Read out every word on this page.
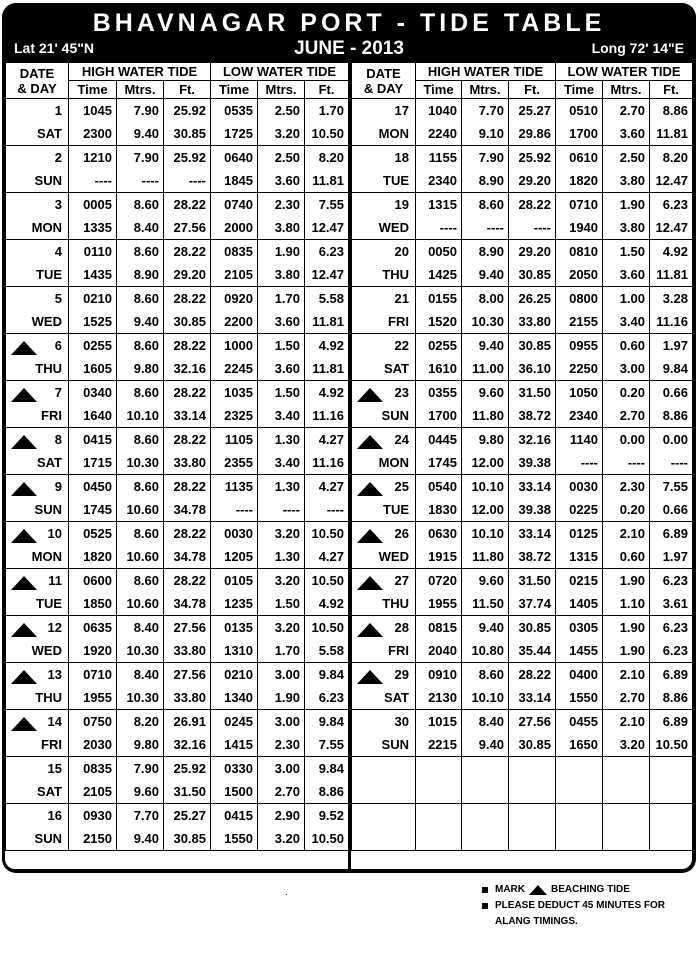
BHAVNAGAR PORT - TIDE TABLE
Lat 21' 45"N	JUNE - 2013	Long 72' 14"E
DATE
& DAY	HIGH WATER TIDE			LOW WATER TIDE		
	Time	Mtrs.	Ft.	Time	Mtrs.	Ft.
1	1045	7.90	25.92	0535	2.50	1.70
SAT	2300	9.40	30.85	1725	3.20	10.50
2	1210	7.90	25.92	0640	2.50	8.20
SUN	----	----	----	1845	3.60	11.81
3	0005	8.60	28.22	0740	2.30	7.55
MON	1335	8.40	27.56	2000	3.80	12.47
4	0110	8.60	28.22	0835	1.90	6.23
TUE	1435	8.90	29.20	2105	3.80	12.47
5	0210	8.60	28.22	0920	1.70	5.58
WED	1525	9.40	30.85	2200	3.60	11.81

6	0255	8.60	28.22	1000	1.50	4.92
THU	1605	9.80	32.16	2245	3.60	11.81

7	0340	8.60	28.22	1035	1.50	4.92
FRI	1640	10.10	33.14	2325	3.40	11.16

8	0415	8.60	28.22	1105	1.30	4.27
SAT	1715	10.30	33.80	2355	3.40	11.16

9	0450	8.60	28.22	1135	1.30	4.27
SUN	1745	10.60	34.78	----	----	----

10	0525	8.60	28.22	0030	3.20	10.50
MON	1820	10.60	34.78	1205	1.30	4.27

11	0600	8.60	28.22	0105	3.20	10.50
TUE	1850	10.60	34.78	1235	1.50	4.92

12	0635	8.40	27.56	0135	3.20	10.50
WED	1920	10.30	33.80	1310	1.70	5.58

13	0710	8.40	27.56	0210	3.00	9.84
THU	1955	10.30	33.80	1340	1.90	6.23

14	0750	8.20	26.91	0245	3.00	9.84
FRI	2030	9.80	32.16	1415	2.30	7.55
15	0835	7.90	25.92	0330	3.00	9.84
SAT	2105	9.60	31.50	1500	2.70	8.86
16	0930	7.70	25.27	0415	2.90	9.52
SUN	2150	9.40	30.85	1550	3.20	10.50
DATE
& DAY	HIGH WATER TIDE			LOW WATER TIDE		
	Time	Mtrs.	Ft.	Time	Mtrs.	Ft.
17	1040	7.70	25.27	0510	2.70	8.86
MON	2240	9.10	29.86	1700	3.60	11.81
18	1155	7.90	25.92	0610	2.50	8.20
TUE	2340	8.90	29.20	1820	3.80	12.47
19	1315	8.60	28.22	0710	1.90	6.23
WED	----	----	----	1940	3.80	12.47
20	0050	8.90	29.20	0810	1.50	4.92
THU	1425	9.40	30.85	2050	3.60	11.81
21	0155	8.00	26.25	0800	1.00	3.28
FRI	1520	10.30	33.80	2155	3.40	11.16
22	0255	9.40	30.85	0955	0.60	1.97
SAT	1610	11.00	36.10	2250	3.00	9.84

23	0355	9.60	31.50	1050	0.20	0.66
SUN	1700	11.80	38.72	2340	2.70	8.86

24	0445	9.80	32.16	1140	0.00	0.00
MON	1745	12.00	39.38	----	----	----

25	0540	10.10	33.14	0030	2.30	7.55
TUE	1830	12.00	39.38	0225	0.20	0.66

26	0630	10.10	33.14	0125	2.10	6.89
WED	1915	11.80	38.72	1315	0.60	1.97

27	0720	9.60	31.50	0215	1.90	6.23
THU	1955	11.50	37.74	1405	1.10	3.61

28	0815	9.40	30.85	0305	1.90	6.23
FRI	2040	10.80	35.44	1455	1.90	6.23

29	0910	8.60	28.22	0400	2.10	6.89
SAT	2130	10.10	33.14	1550	2.70	8.86
30	1015	8.40	27.56	0455	2.10	6.89
SUN	2215	9.40	30.85	1650	3.20	10.50

.	MARK	BEACHING TIDE
PLEASE DEDUCT 45 MINUTES FOR
ALANG TIMINGS.
